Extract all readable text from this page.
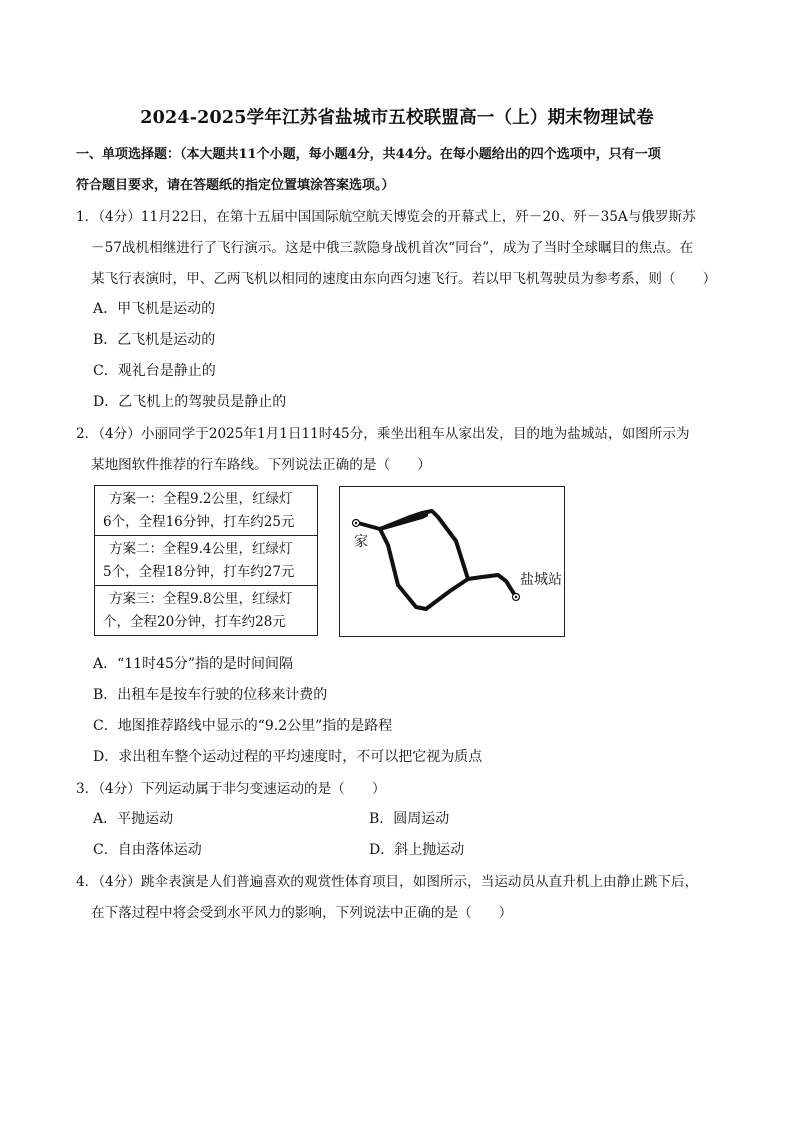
2024-2025学年江苏省盐城市五校联盟高一（上）期末物理试卷
一、单项选择题：（本大题共11个小题，每小题4分，共44分。在每小题给出的四个选项中，只有一项
符合题目要求，请在答题纸的指定位置填涂答案选项。）
1．（4分）11月22日，在第十五届中国国际航空航天博览会的开幕式上，歼－20、歼－35A与俄罗斯苏
－57战机相继进行了飞行演示。这是中俄三款隐身战机首次“同台”，成为了当时全球瞩目的焦点。在
某飞行表演时，甲、乙两飞机以相同的速度由东向西匀速飞行。若以甲飞机驾驶员为参考系，则（　　）
A．甲飞机是运动的
B．乙飞机是运动的
C．观礼台是静止的
D．乙飞机上的驾驶员是静止的
2．（4分）小丽同学于2025年1月1日11时45分，乘坐出租车从家出发，目的地为盐城站，如图所示为
某地图软件推荐的行车路线。下列说法正确的是（　　）
方案一：全程9.2公里，红绿灯
6个，全程16分钟，打车约25元
方案二：全程9.4公里，红绿灯
5个，全程18分钟，打车约27元
方案三：全程9.8公里，红绿灯
个，全程20分钟，打车约28元
家
盐城站
A．“11时45分”指的是时间间隔
B．出租车是按车行驶的位移来计费的
C．地图推荐路线中显示的“9.2公里”指的是路程
D．求出租车整个运动过程的平均速度时，不可以把它视为质点
3．（4分）下列运动属于非匀变速运动的是（　　）
A．平抛运动	B．圆周运动
C．自由落体运动	D．斜上抛运动
4．（4分）跳伞表演是人们普遍喜欢的观赏性体育项目，如图所示，当运动员从直升机上由静止跳下后，
在下落过程中将会受到水平风力的影响，下列说法中正确的是（　　）
